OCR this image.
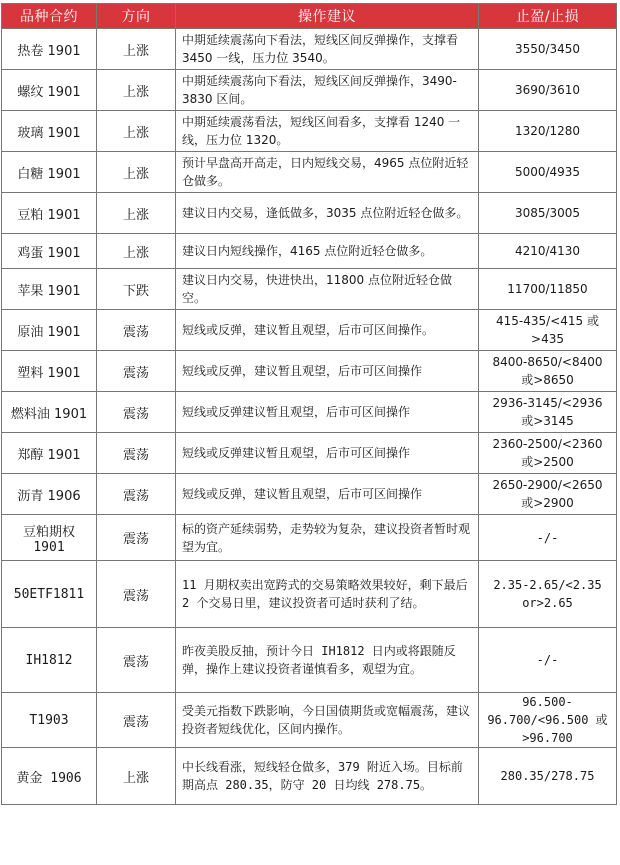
品种合约	方向	操作建议	止盈/止损
热卷 1901	上涨	中期延续震荡向下看法，短线区间反弹操作，支撑看 3450 一线，压力位 3540。	3550/3450
螺纹 1901	上涨	中期延续震荡向下看法，短线区间反弹操作，3490-3830 区间。	3690/3610
玻璃 1901	上涨	中期延续震荡看法，短线区间看多，支撑看 1240 一线，压力位 1320。	1320/1280
白糖 1901	上涨	预计早盘高开高走，日内短线交易，4965 点位附近轻仓做多。	5000/4935
豆粕 1901	上涨	建议日内交易，逢低做多，3035 点位附近轻仓做多。	3085/3005
鸡蛋 1901	上涨	建议日内短线操作，4165 点位附近轻仓做多。	4210/4130
苹果 1901	下跌	建议日内交易，快进快出，11800 点位附近轻仓做空。	11700/11850
原油 1901	震荡	短线或反弹，建议暂且观望，后市可区间操作。	415-435/<415 或>435
塑料 1901	震荡	短线或反弹，建议暂且观望，后市可区间操作	8400-8650/<8400 或>8650
燃料油 1901	震荡	短线或反弹建议暂且观望，后市可区间操作	2936-3145/<2936 或>3145
郑醇 1901	震荡	短线或反弹建议暂且观望，后市可区间操作	2360-2500/<2360 或>2500
沥青 1906	震荡	短线或反弹，建议暂且观望，后市可区间操作	2650-2900/<2650 或>2900
豆粕期权 1901	震荡	标的资产延续弱势，走势较为复杂，建议投资者暂时观望为宜。	-/-
50ETF1811	震荡	11 月期权卖出宽跨式的交易策略效果较好，剩下最后 2 个交易日里，建议投资者可适时获利了结。	2.35-2.65/<2.35 or>2.65
IH1812	震荡	昨夜美股反抽，预计今日 IH1812 日内或将跟随反弹，操作上建议投资者谨慎看多，观望为宜。	-/-
T1903	震荡	受美元指数下跌影响，今日国债期货或宽幅震荡，建议投资者短线优化，区间内操作。	96.500-96.700/<96.500 或>96.700
黄金 1906	上涨	中长线看涨，短线轻仓做多，379 附近入场。目标前期高点 280.35，防守 20 日均线 278.75。	280.35/278.75
